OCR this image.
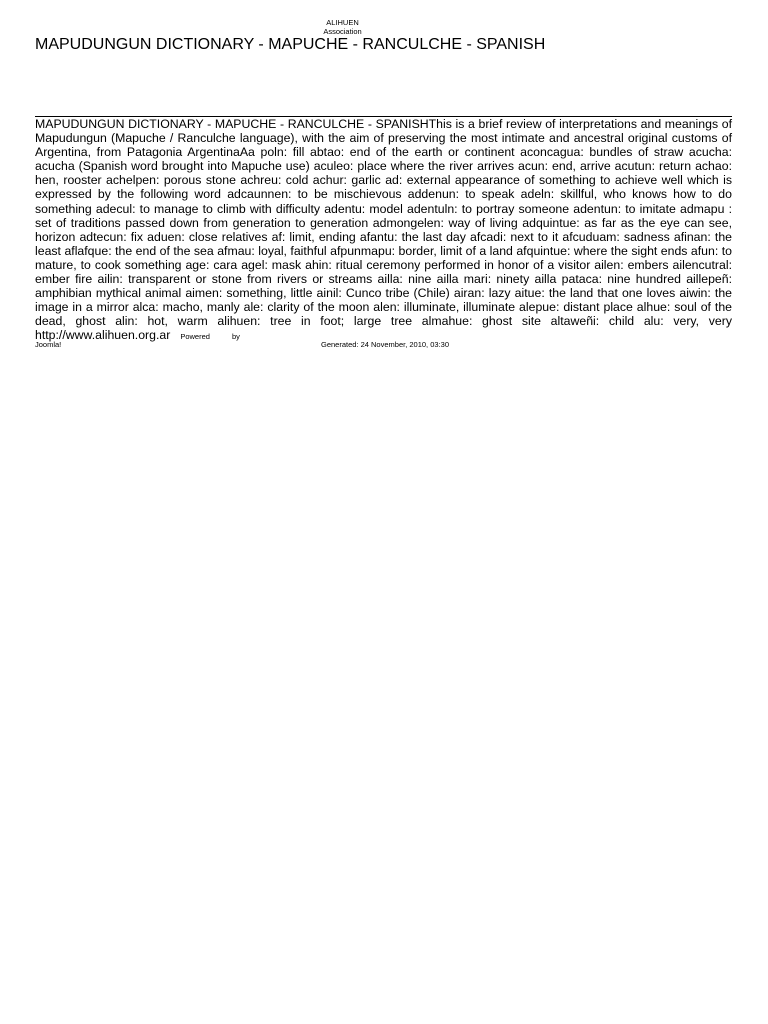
ALIHUEN
Association
MAPUDUNGUN DICTIONARY - MAPUCHE - RANCULCHE - SPANISH

MAPUDUNGUN DICTIONARY - MAPUCHE - RANCULCHE - SPANISHThis is a brief review of interpretations and meanings of Mapudungun (Mapuche / Ranculche language), with the aim of preserving the most intimate and ancestral original customs of Argentina, from Patagonia ArgentinaAa poln: fill abtao: end of the earth or continent aconcagua: bundles of straw acucha: acucha (Spanish word brought into Mapuche use) aculeo: place where the river arrives acun: end, arrive acutun: return achao: hen, rooster achelpen: porous stone achreu: cold achur: garlic ad: external appearance of something to achieve well which is expressed by the following word adcaunnen: to be mischievous addenun: to speak adeln: skillful, who knows how to do something adecul: to manage to climb with difficulty adentu: model adentuln: to portray someone adentun: to imitate admapu : set of traditions passed down from generation to generation admongelen: way of living adquintue: as far as the eye can see, horizon adtecun: fix aduen: close relatives af: limit, ending afantu: the last day afcadi: next to it afcuduam: sadness afinan: the least aflafque: the end of the sea afmau: loyal, faithful afpunmapu: border, limit of a land afquintue: where the sight ends afun: to mature, to cook something age: cara agel: mask ahin: ritual ceremony performed in honor of a visitor ailen: embers ailencutral: ember fire ailin: transparent or stone from rivers or streams ailla: nine ailla mari: ninety ailla pataca: nine hundred aillepeñ: amphibian mythical animal aimen: something, little ainil: Cunco tribe (Chile) airan: lazy aitue: the land that one loves aiwin: the image in a mirror alca: macho, manly ale: clarity of the moon alen: illuminate, illuminate alepue: distant place alhue: soul of the dead, ghost alin: hot, warm alihuen: tree in foot; large tree almahue: ghost site altaweñi: child alu: very, very http://www.alihuen.org.ar Powered	by

Joomla!	Generated: 24 November, 2010, 03:30
